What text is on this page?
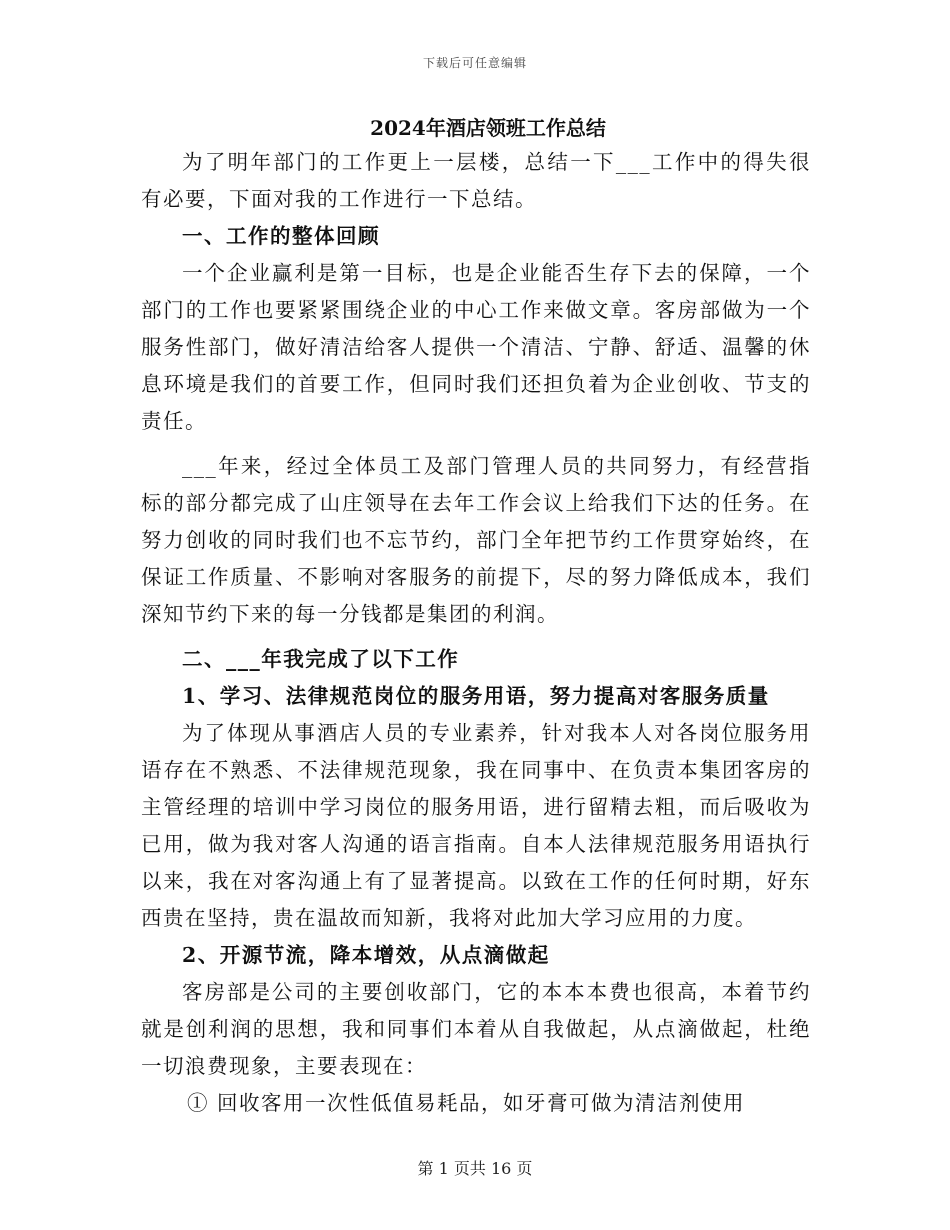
下载后可任意编辑

2024年酒店领班工作总结

为了明年部门的工作更上一层楼，总结一下___工作中的得失很有必要，下面对我的工作进行一下总结。

一、工作的整体回顾

一个企业赢利是第一目标，也是企业能否生存下去的保障，一个部门的工作也要紧紧围绕企业的中心工作来做文章。客房部做为一个服务性部门，做好清洁给客人提供一个清洁、宁静、舒适、温馨的休息环境是我们的首要工作，但同时我们还担负着为企业创收、节支的责任。

___年来，经过全体员工及部门管理人员的共同努力，有经营指标的部分都完成了山庄领导在去年工作会议上给我们下达的任务。在努力创收的同时我们也不忘节约，部门全年把节约工作贯穿始终，在保证工作质量、不影响对客服务的前提下，尽的努力降低成本，我们深知节约下来的每一分钱都是集团的利润。

二、___年我完成了以下工作

1、学习、法律规范岗位的服务用语，努力提高对客服务质量

为了体现从事酒店人员的专业素养，针对我本人对各岗位服务用语存在不熟悉、不法律规范现象，我在同事中、在负责本集团客房的主管经理的培训中学习岗位的服务用语，进行留精去粗，而后吸收为已用，做为我对客人沟通的语言指南。自本人法律规范服务用语执行以来，我在对客沟通上有了显著提高。以致在工作的任何时期，好东西贵在坚持，贵在温故而知新，我将对此加大学习应用的力度。

2、开源节流，降本增效，从点滴做起

客房部是公司的主要创收部门，它的本本本费也很高，本着节约就是创利润的思想，我和同事们本着从自我做起，从点滴做起，杜绝一切浪费现象，主要表现在：

① 回收客用一次性低值易耗品，如牙膏可做为清洁剂使用

第 1 页共 16 页
